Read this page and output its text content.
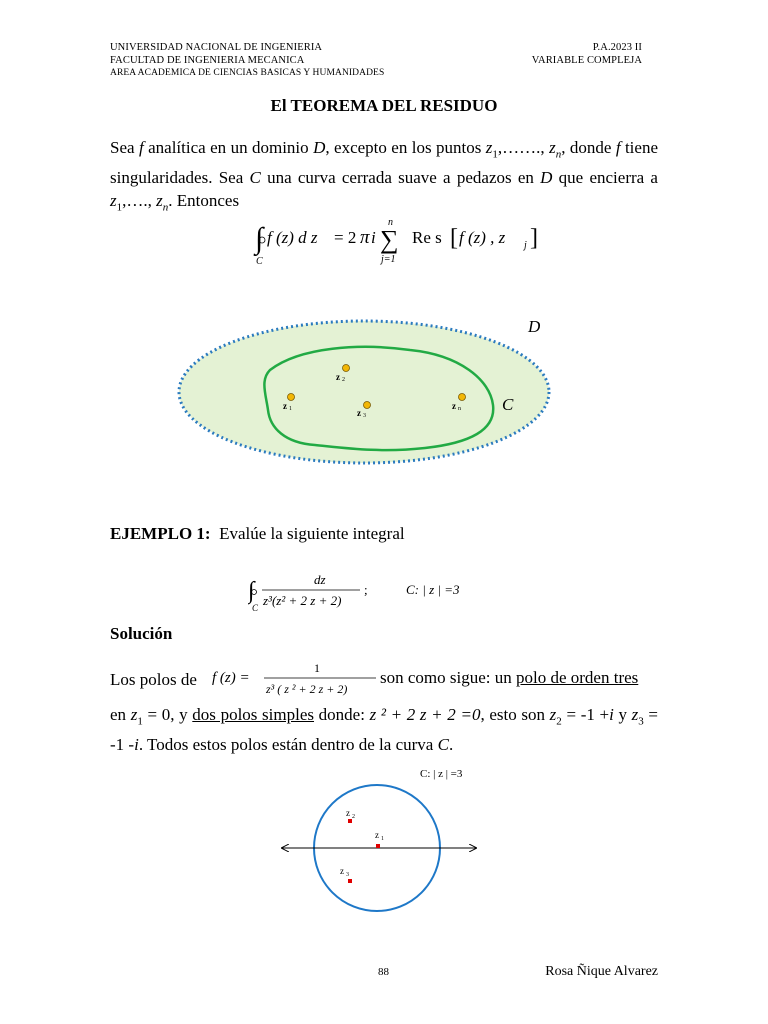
UNIVERSIDAD NACIONAL DE INGENIERIA
FACULTAD DE INGENIERIA MECANICA
AREA ACADEMICA DE CIENCIAS BASICAS Y HUMANIDADES
P.A.2023 II
VARIABLE COMPLEJA
El TEOREMA DEL RESIDUO
Sea f analítica en un dominio D, excepto en los puntos $z_1,\dots\dots$., $z_n$, donde f tiene singularidades. Sea C una curva cerrada suave a pedazos en D que encierra a $z_1,\dots$., $z_n$. Entonces
∫
C
f (z) d z = 2 π i
n
∑
j=1
Re s [ f (z) , z j ]
D
C
z 1
z 2
z 3
z n
EJEMPLO 1: Evalúe la siguiente integral
∫
C
dz
z³(z² + 2 z + 2)
;	C: | z | =3
Solución
Los polos de	f (z) =
1
z³ ( z ² + 2 z + 2)
son como sigue: un polo de orden tres
en $z_1 = 0$, y dos polos simples donde: z ² + 2 z + 2 =0, esto son $z_2 = -1 +i$ y $z_3 = -1$ -i. Todos estos polos están dentro de la curva C.
C: | z | =3
z 2
z 1
z 3
88	Rosa Ñique Alvarez
